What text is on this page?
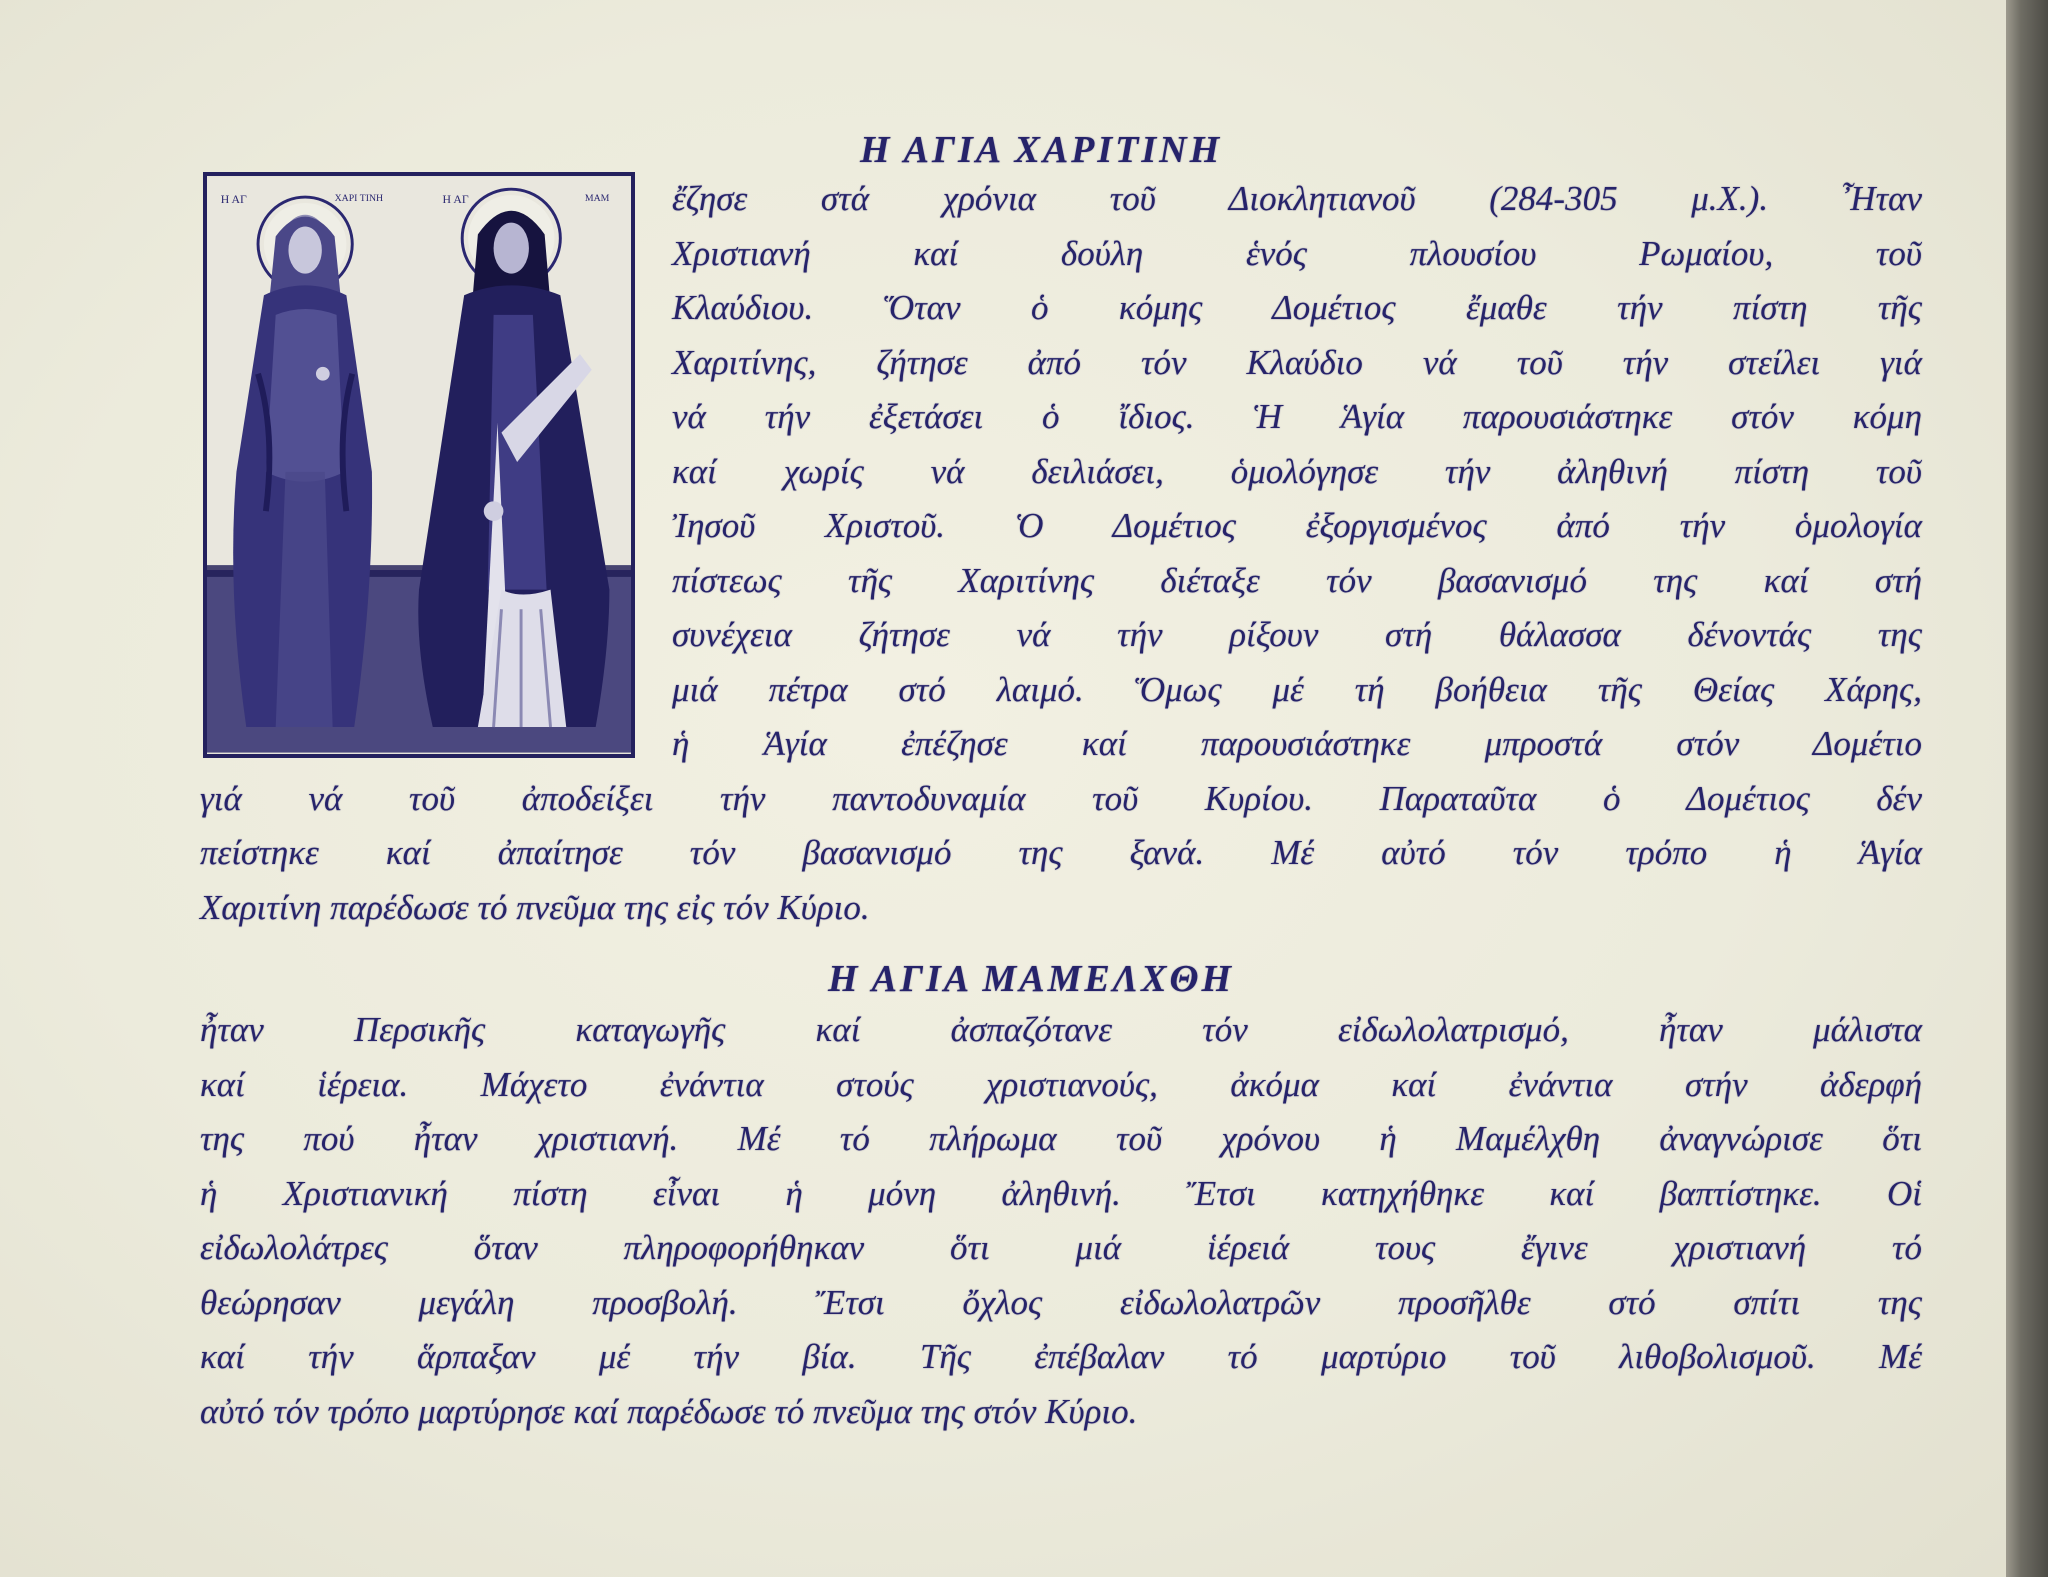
Η ΑΓΙΑ ΧΑΡΙΤΙΝΗ
Η ΑΓ	ΧΑΡΙ ΤΙΝΗ	Η ΑΓ	ΜΑΜ ἔζησε στά χρόνια τοῦ Διοκλητιανοῦ (284-305 μ.Χ.). Ἦταν

Χριστιανή καί δούλη ἑνός πλουσίου Ρωμαίου, τοῦ

Κλαύδιου. Ὅταν ὁ κόμης Δομέτιος ἔμαθε τήν πίστη τῆς

Χαριτίνης, ζήτησε ἀπό τόν Κλαύδιο νά τοῦ τήν στείλει γιά

νά τήν ἐξετάσει ὁ ἴδιος. Ἡ Ἁγία παρουσιάστηκε στόν κόμη

καί χωρίς νά δειλιάσει, ὁμολόγησε τήν ἀληθινή πίστη τοῦ

Ἰησοῦ Χριστοῦ. Ὁ Δομέτιος ἐξοργισμένος ἀπό τήν ὁμολογία

πίστεως τῆς Χαριτίνης διέταξε τόν βασανισμό της καί στή

συνέχεια ζήτησε νά τήν ρίξουν στή θάλασσα δένοντάς της

μιά πέτρα στό λαιμό. Ὅμως μέ τή βοήθεια τῆς Θείας Χάρης,

ἡ Ἁγία ἐπέζησε καί παρουσιάστηκε μπροστά στόν Δομέτιο

γιά νά τοῦ ἀποδείξει τήν παντοδυναμία τοῦ Κυρίου. Παραταῦτα ὁ Δομέτιος δέν

πείστηκε καί ἀπαίτησε τόν βασανισμό της ξανά. Μέ αὐτό τόν τρόπο ἡ Ἁγία

Χαριτίνη παρέδωσε τό πνεῦμα της εἰς τόν Κύριο.

Η ΑΓΙΑ ΜΑΜΕΛΧΘΗ

ἦταν Περσικῆς καταγωγῆς καί ἀσπαζότανε τόν εἰδωλολατρισμό, ἦταν μάλιστα

καί ἱέρεια. Μάχετο ἐνάντια στούς χριστιανούς, ἀκόμα καί ἐνάντια στήν ἀδερφή

της πού ἦταν χριστιανή. Μέ τό πλήρωμα τοῦ χρόνου ἡ Μαμέλχθη ἀναγνώρισε ὅτι

ἡ Χριστιανική πίστη εἶναι ἡ μόνη ἀληθινή. Ἔτσι κατηχήθηκε καί βαπτίστηκε. Οἱ

εἰδωλολάτρες ὅταν πληροφορήθηκαν ὅτι μιά ἱέρειά τους ἔγινε χριστιανή τό

θεώρησαν μεγάλη προσβολή. Ἔτσι ὄχλος εἰδωλολατρῶν προσῆλθε στό σπίτι της

καί τήν ἅρπαξαν μέ τήν βία. Τῆς ἐπέβαλαν τό μαρτύριο τοῦ λιθοβολισμοῦ. Μέ

αὐτό τόν τρόπο μαρτύρησε καί παρέδωσε τό πνεῦμα της στόν Κύριο.
